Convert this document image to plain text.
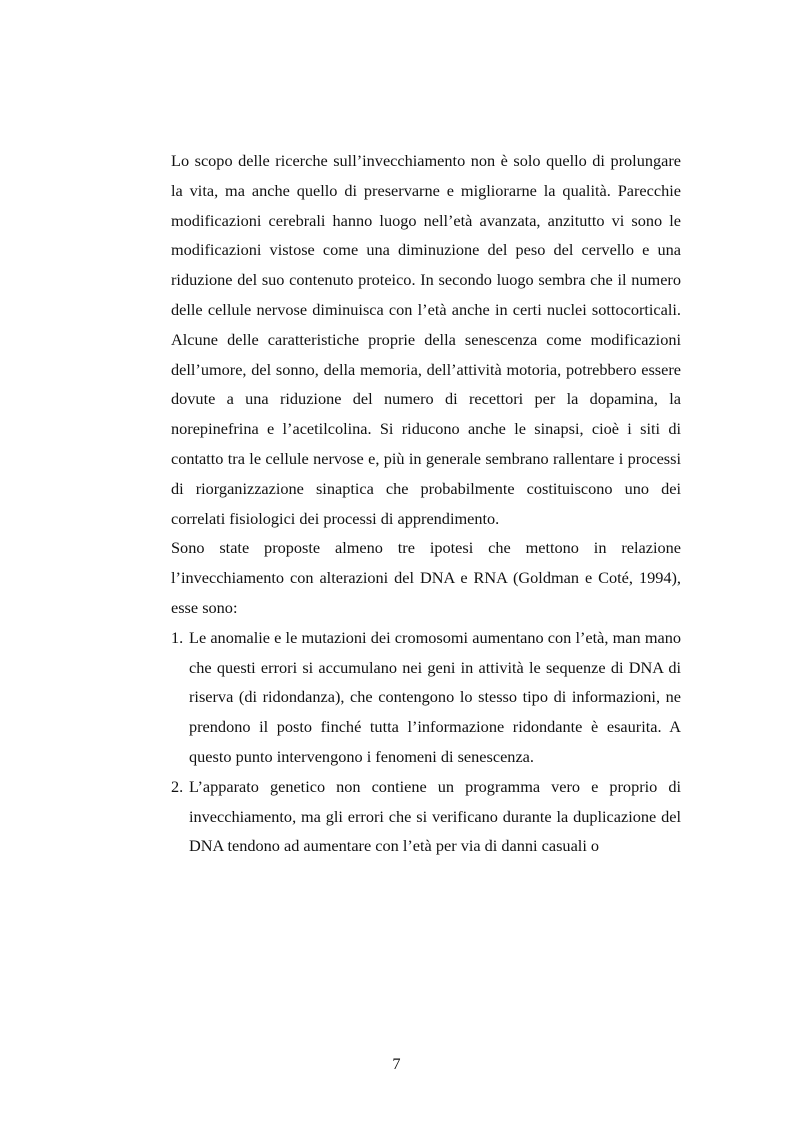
Lo scopo delle ricerche sull’invecchiamento non è solo quello di prolungare la vita, ma anche quello di preservarne e migliorarne la qualità. Parecchie modificazioni cerebrali hanno luogo nell’età avanzata, anzitutto vi sono le modificazioni vistose come una diminuzione del peso del cervello e una riduzione del suo contenuto proteico. In secondo luogo sembra che il numero delle cellule nervose diminuisca con l’età anche in certi nuclei sottocorticali. Alcune delle caratteristiche proprie della senescenza come modificazioni dell’umore, del sonno, della memoria, dell’attività motoria, potrebbero essere dovute a una riduzione del numero di recettori per la dopamina, la norepinefrina e l’acetilcolina. Si riducono anche le sinapsi, cioè i siti di contatto tra le cellule nervose e, più in generale sembrano rallentare i processi di riorganizzazione sinaptica che probabilmente costituiscono uno dei correlati fisiologici dei processi di apprendimento.

Sono state proposte almeno tre ipotesi che mettono in relazione l’invecchiamento con alterazioni del DNA e RNA (Goldman e Coté, 1994), esse sono:

1. Le anomalie e le mutazioni dei cromosomi aumentano con l’età, man mano che questi errori si accumulano nei geni in attività le sequenze di DNA di riserva (di ridondanza), che contengono lo stesso tipo di informazioni, ne prendono il posto finché tutta l’informazione ridondante è esaurita. A questo punto intervengono i fenomeni di senescenza.
2. L’apparato genetico non contiene un programma vero e proprio di invecchiamento, ma gli errori che si verificano durante la duplicazione del DNA tendono ad aumentare con l’età per via di danni casuali o
7
